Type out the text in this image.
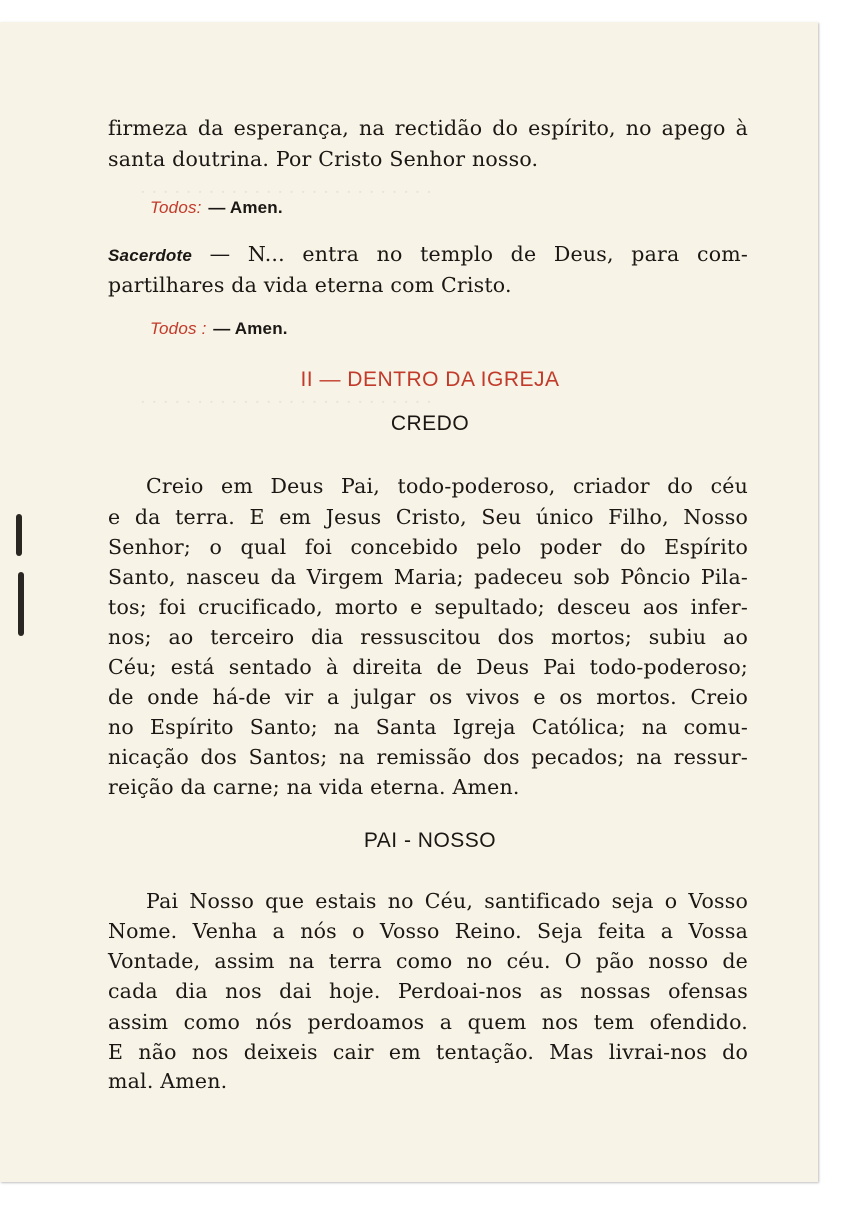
· · · · · · · · · · · · · · · · · · · · · · · · · ·
· · · · · · · · · · · · · · · · · · · · · · · · · ·
firmeza da esperança, na rectidão do espírito, no apego à
santa doutrina. Por Cristo Senhor nosso.
Todos: — Amen.
Sacerdote — N... entra no templo de Deus, para com-
partilhares da vida eterna com Cristo.
Todos : — Amen.
II — DENTRO DA IGREJA
CREDO
Creio em Deus Pai, todo-poderoso, criador do céu
e da terra. E em Jesus Cristo, Seu único Filho, Nosso
Senhor; o qual foi concebido pelo poder do Espírito
Santo, nasceu da Virgem Maria; padeceu sob Pôncio Pila-
tos; foi crucificado, morto e sepultado; desceu aos infer-
nos; ao terceiro dia ressuscitou dos mortos; subiu ao
Céu; está sentado à direita de Deus Pai todo-poderoso;
de onde há-de vir a julgar os vivos e os mortos. Creio
no Espírito Santo; na Santa Igreja Católica; na comu-
nicação dos Santos; na remissão dos pecados; na ressur-
reição da carne; na vida eterna. Amen.
PAI - NOSSO
Pai Nosso que estais no Céu, santificado seja o Vosso
Nome. Venha a nós o Vosso Reino. Seja feita a Vossa
Vontade, assim na terra como no céu. O pão nosso de
cada dia nos dai hoje. Perdoai-nos as nossas ofensas
assim como nós perdoamos a quem nos tem ofendido.
E não nos deixeis cair em tentação. Mas livrai-nos do
mal. Amen.
